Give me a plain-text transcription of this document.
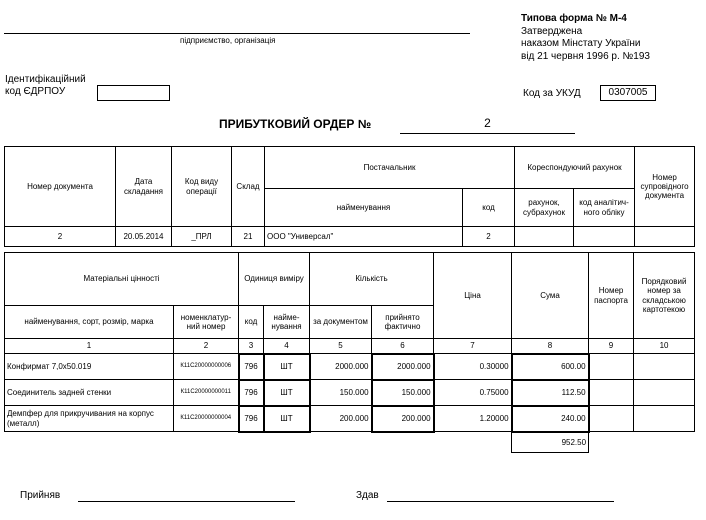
підприємство, організація
Типова форма № М-4
Затверджена
наказом Мінстату України
від 21 червня 1996 р. №193
Ідентифікаційний
код ЄДРПОУ	Код за УКУД	0307005
ПРИБУТКОВИЙ ОРДЕР №	2
Номер документа	Дата складання	Код виду операції	Склад	Постачальник		Кореспондуючий рахунок		Номер супровідного документа
				найменування	код	рахунок, субрахунок	код аналітич-ного обліку	
2	20.05.2014	_ПРЛ	21	ООО "Универсал"	2			
Матеріальні цінності		Одиниця виміру		Кількість		Ціна	Сума	Номер паспорта	Порядковий номер за складською картотекою
найменування, сорт, розмір, марка	номенклатур-ний номер	код	найме-нування	за документом	прийнято фактично				
1	2	3	4	5	6	7	8	9	10
Конфирмат 7,0х50.019	К11С20000000006	796	ШТ	2000.000	2000.000	0.30000	600.00		
Соединитель задней стенки	К11С20000000011	796	ШТ	150.000	150.000	0.75000	112.50		
Демпфер для прикручивания на корпус (металл)	К11С20000000004	796	ШТ	200.000	200.000	1.20000	240.00		
							952.50		
Прийняв	Здав
